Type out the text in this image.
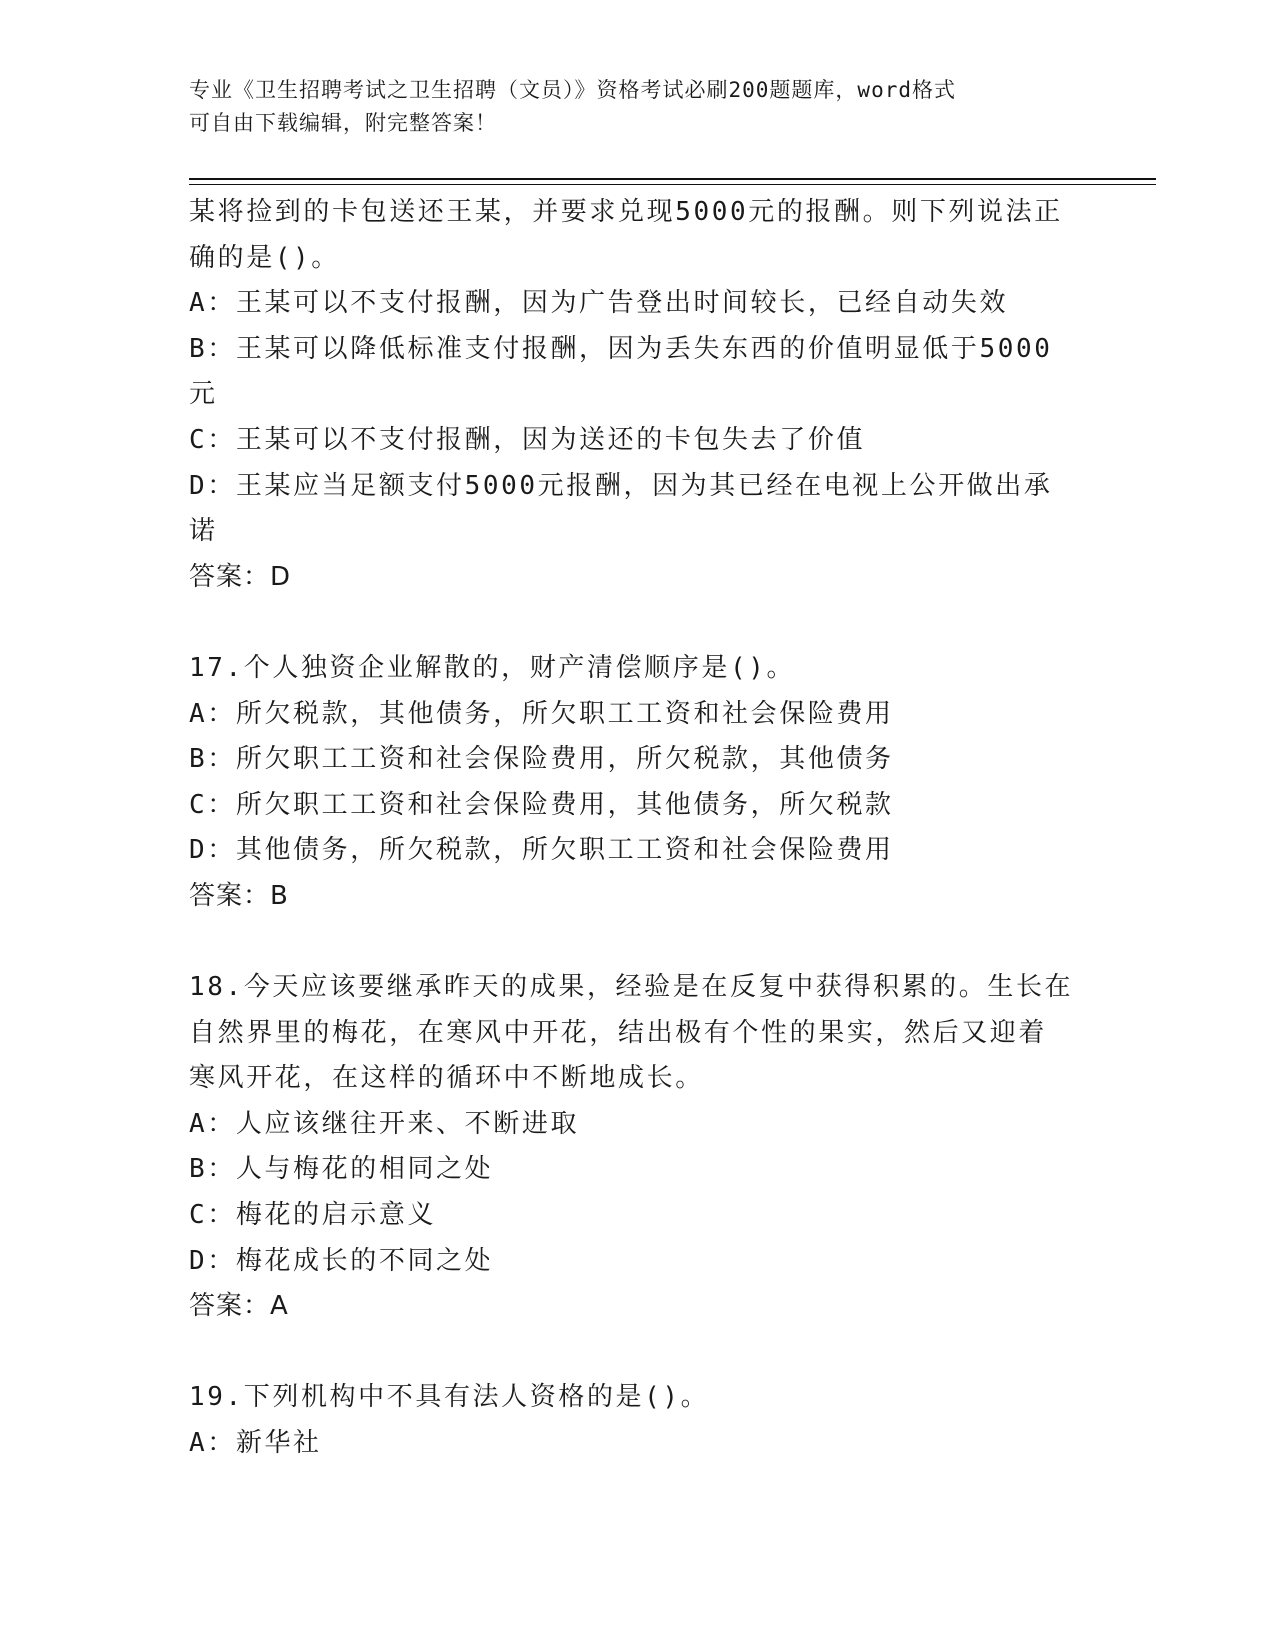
专业《卫生招聘考试之卫生招聘（文员）》资格考试必刷200题题库，word格式
可自由下载编辑，附完整答案！
某将捡到的卡包送还王某，并要求兑现5000元的报酬。则下列说法正
确的是()。
A：王某可以不支付报酬，因为广告登出时间较长，已经自动失效
B：王某可以降低标准支付报酬，因为丢失东西的价值明显低于5000
元
C：王某可以不支付报酬，因为送还的卡包失去了价值
D：王某应当足额支付5000元报酬，因为其已经在电视上公开做出承
诺
答案：D
17.个人独资企业解散的，财产清偿顺序是()。
A：所欠税款，其他债务，所欠职工工资和社会保险费用
B：所欠职工工资和社会保险费用，所欠税款，其他债务
C：所欠职工工资和社会保险费用，其他债务，所欠税款
D：其他债务，所欠税款，所欠职工工资和社会保险费用
答案：B
18.今天应该要继承昨天的成果，经验是在反复中获得积累的。生长在
自然界里的梅花，在寒风中开花，结出极有个性的果实，然后又迎着
寒风开花，在这样的循环中不断地成长。
A：人应该继往开来、不断进取
B：人与梅花的相同之处
C：梅花的启示意义
D：梅花成长的不同之处
答案：A
19.下列机构中不具有法人资格的是()。
A：新华社
